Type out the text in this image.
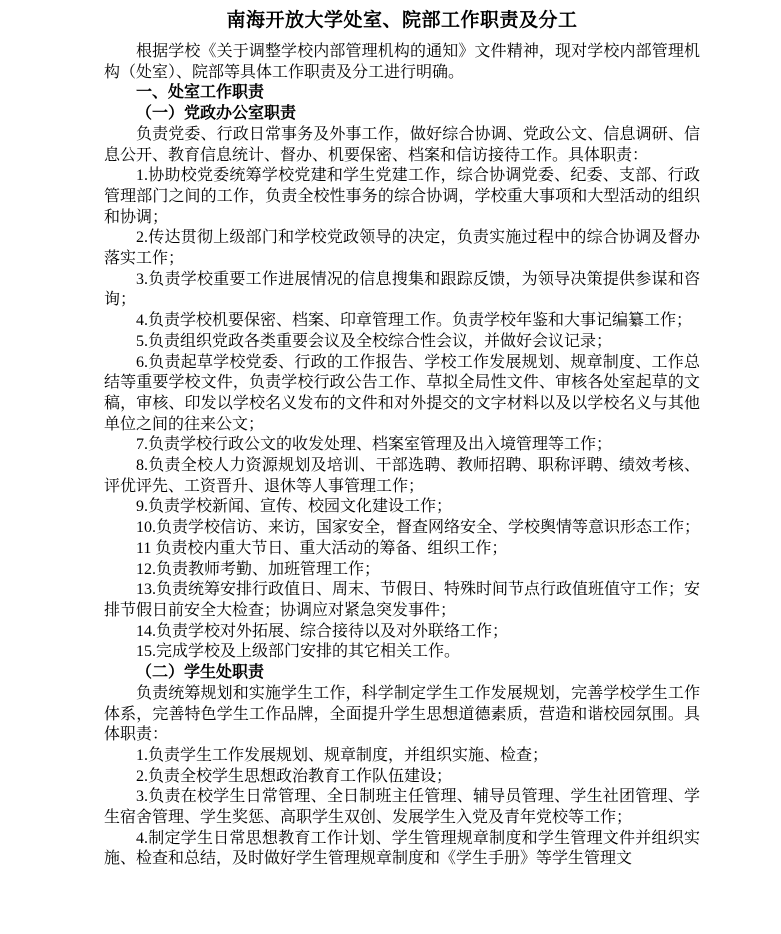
南海开放大学处室、院部工作职责及分工

根据学校《关于调整学校内部管理机构的通知》文件精神，现对学校内部管理机构（处室）、院部等具体工作职责及分工进行明确。

一、处室工作职责

（一）党政办公室职责

负责党委、行政日常事务及外事工作，做好综合协调、党政公文、信息调研、信息公开、教育信息统计、督办、机要保密、档案和信访接待工作。具体职责：

1.协助校党委统筹学校党建和学生党建工作，综合协调党委、纪委、支部、行政管理部门之间的工作，负责全校性事务的综合协调，学校重大事项和大型活动的组织和协调；

2.传达贯彻上级部门和学校党政领导的决定，负责实施过程中的综合协调及督办落实工作；

3.负责学校重要工作进展情况的信息搜集和跟踪反馈，为领导决策提供参谋和咨询；

4.负责学校机要保密、档案、印章管理工作。负责学校年鉴和大事记编纂工作；

5.负责组织党政各类重要会议及全校综合性会议，并做好会议记录；

6.负责起草学校党委、行政的工作报告、学校工作发展规划、规章制度、工作总结等重要学校文件，负责学校行政公告工作、草拟全局性文件、审核各处室起草的文稿，审核、印发以学校名义发布的文件和对外提交的文字材料以及以学校名义与其他单位之间的往来公文；

7.负责学校行政公文的收发处理、档案室管理及出入境管理等工作；

8.负责全校人力资源规划及培训、干部选聘、教师招聘、职称评聘、绩效考核、评优评先、工资晋升、退休等人事管理工作；

9.负责学校新闻、宣传、校园文化建设工作；

10.负责学校信访、来访，国家安全，督查网络安全、学校舆情等意识形态工作；

11 负责校内重大节日、重大活动的筹备、组织工作；

12.负责教师考勤、加班管理工作；

13.负责统筹安排行政值日、周末、节假日、特殊时间节点行政值班值守工作；安排节假日前安全大检查；协调应对紧急突发事件；

14.负责学校对外拓展、综合接待以及对外联络工作；

15.完成学校及上级部门安排的其它相关工作。

（二）学生处职责

负责统筹规划和实施学生工作，科学制定学生工作发展规划，完善学校学生工作体系，完善特色学生工作品牌，全面提升学生思想道德素质，营造和谐校园氛围。具体职责：

1.负责学生工作发展规划、规章制度，并组织实施、检查；

2.负责全校学生思想政治教育工作队伍建设；

3.负责在校学生日常管理、全日制班主任管理、辅导员管理、学生社团管理、学生宿舍管理、学生奖惩、高职学生双创、发展学生入党及青年党校等工作；

4.制定学生日常思想教育工作计划、学生管理规章制度和学生管理文件并组织实施、检查和总结，及时做好学生管理规章制度和《学生手册》等学生管理文
